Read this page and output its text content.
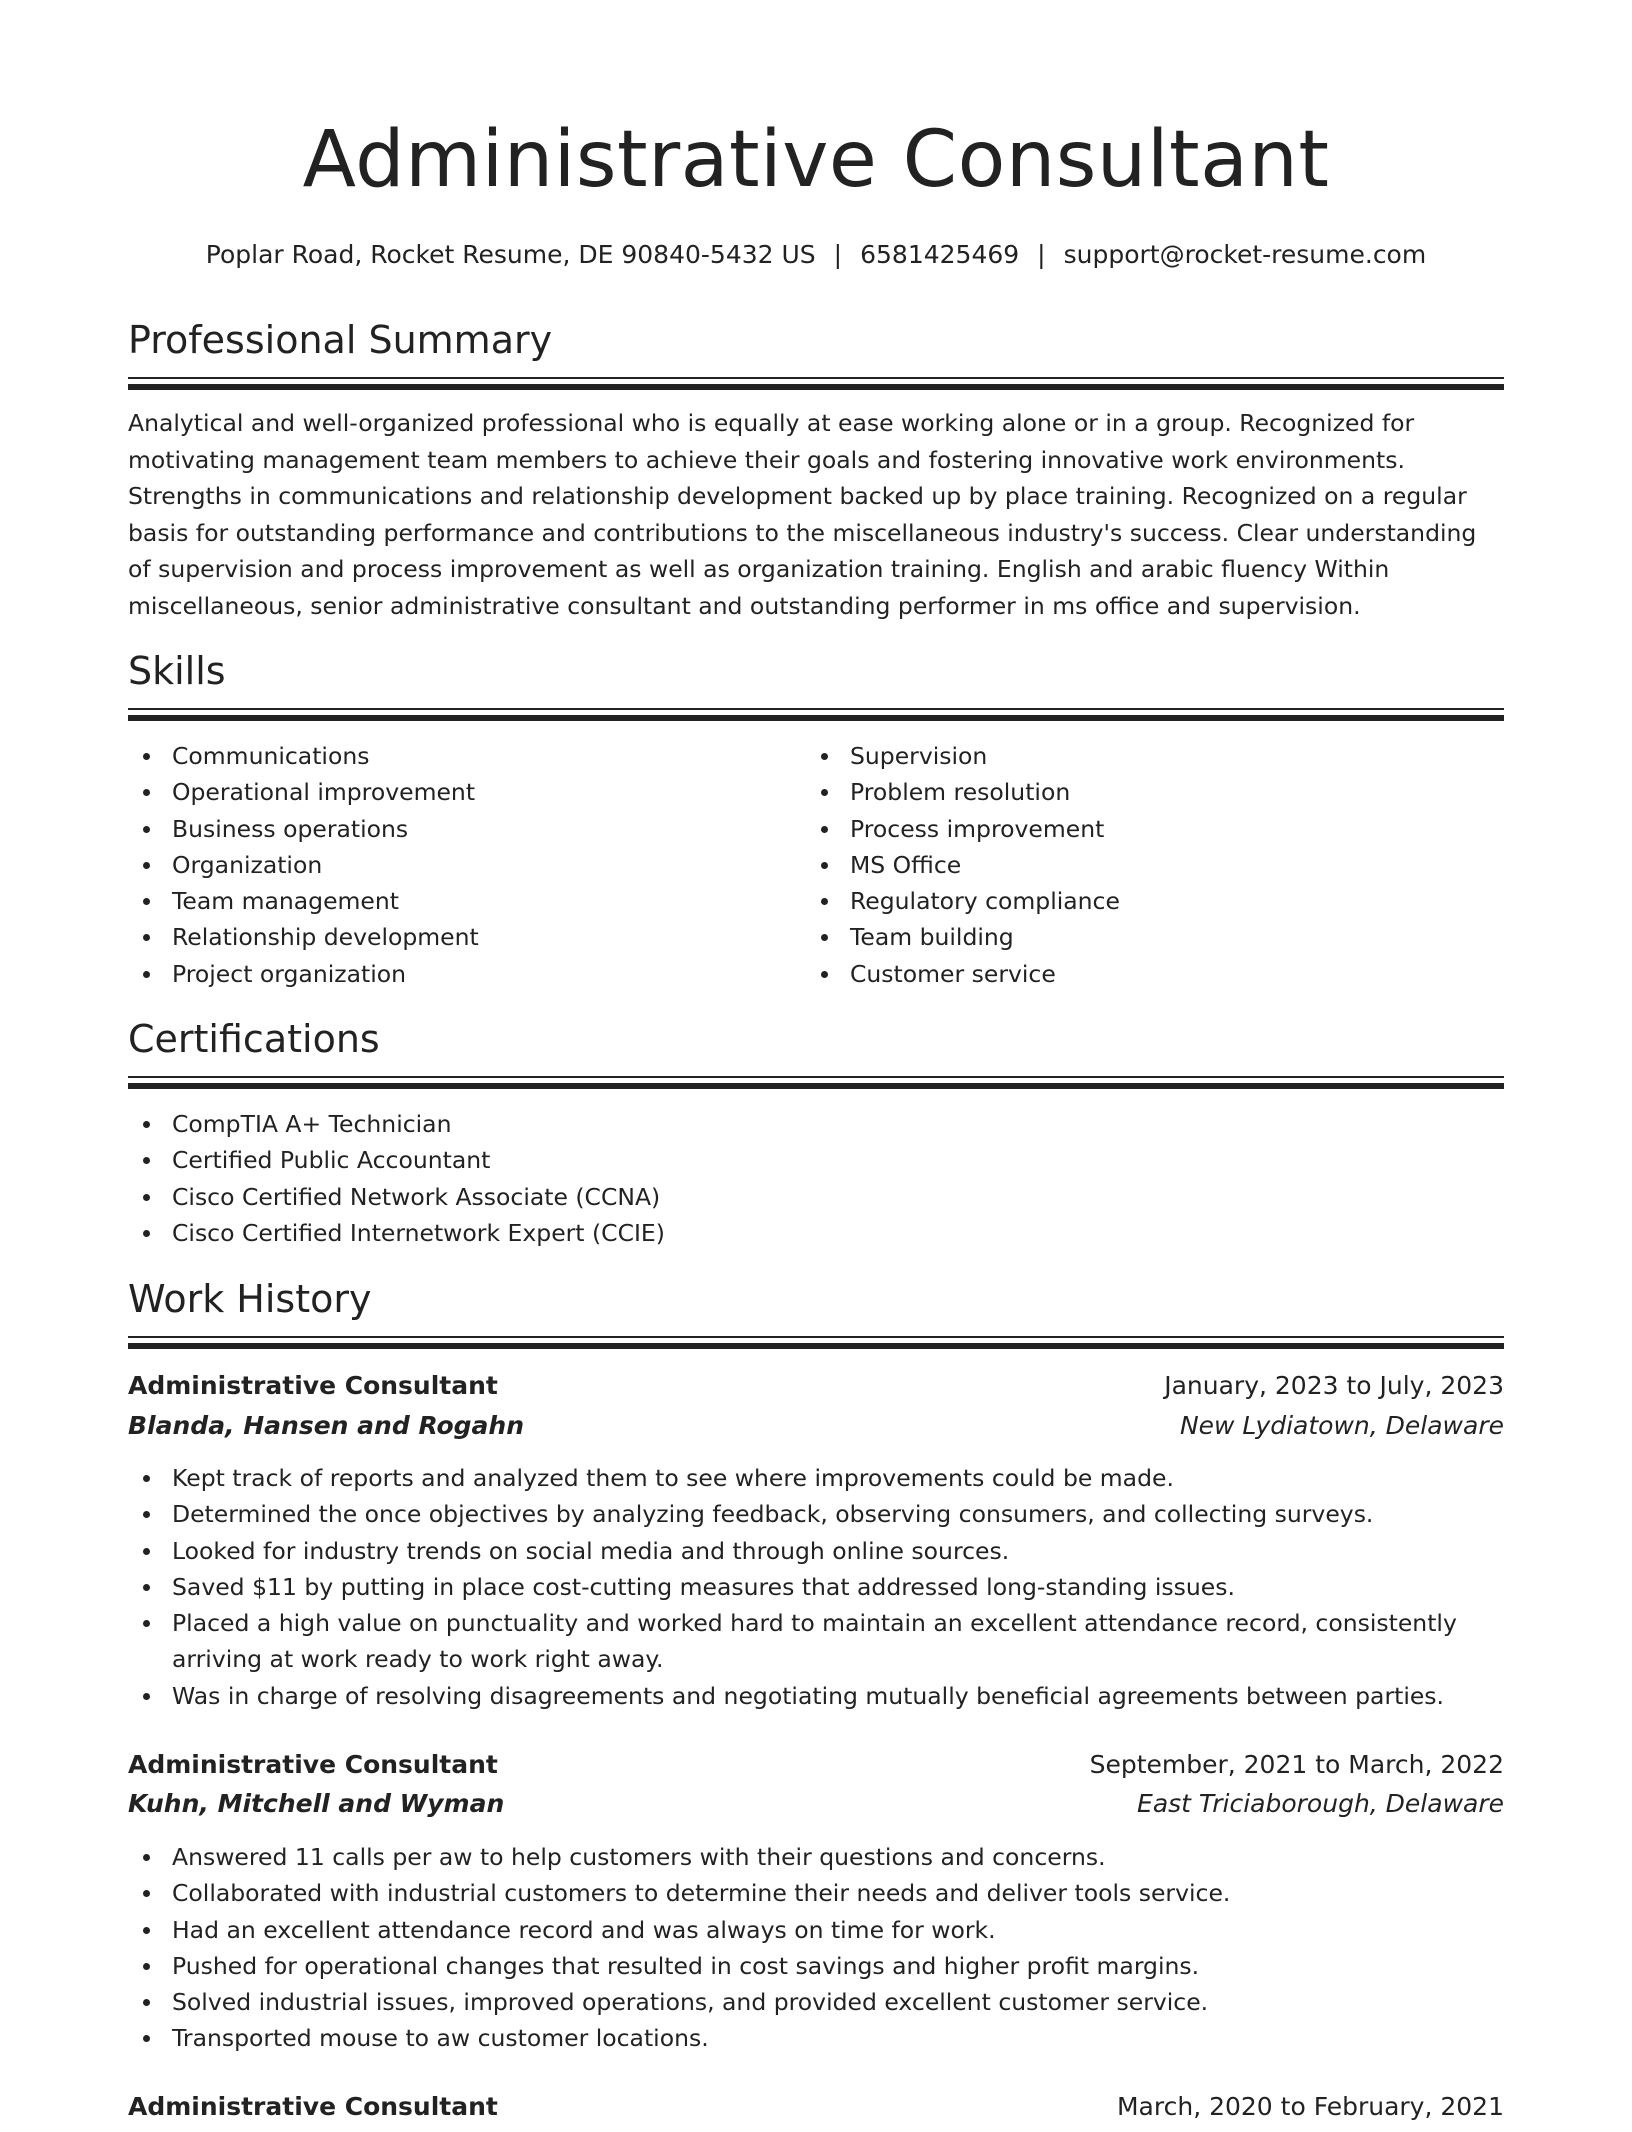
Administrative Consultant
Poplar Road, Rocket Resume, DE 90840-5432 US | 6581425469 | support@rocket-resume.com
Professional Summary

Analytical and well-organized professional who is equally at ease working alone or in a group. Recognized for motivating management team members to achieve their goals and fostering innovative work environments. Strengths in communications and relationship development backed up by place training. Recognized on a regular basis for outstanding performance and contributions to the miscellaneous industry's success. Clear understanding of supervision and process improvement as well as organization training. English and arabic fluency Within miscellaneous, senior administrative consultant and outstanding performer in ms office and supervision.

Skills
Communications
Operational improvement
Business operations
Organization
Team management
Relationship development
Project organization
Supervision
Problem resolution
Process improvement
MS Office
Regulatory compliance
Team building
Customer service
Certifications
CompTIA A+ Technician
Certified Public Accountant
Cisco Certified Network Associate (CCNA)
Cisco Certified Internetwork Expert (CCIE)
Work History
Administrative Consultant	January, 2023 to July, 2023
Blanda, Hansen and Rogahn	New Lydiatown, Delaware
Kept track of reports and analyzed them to see where improvements could be made.
Determined the once objectives by analyzing feedback, observing consumers, and collecting surveys.
Looked for industry trends on social media and through online sources.
Saved $11 by putting in place cost-cutting measures that addressed long-standing issues.
Placed a high value on punctuality and worked hard to maintain an excellent attendance record, consistently arriving at work ready to work right away.
Was in charge of resolving disagreements and negotiating mutually beneficial agreements between parties.
Administrative Consultant	September, 2021 to March, 2022
Kuhn, Mitchell and Wyman	East Triciaborough, Delaware
Answered 11 calls per aw to help customers with their questions and concerns.
Collaborated with industrial customers to determine their needs and deliver tools service.
Had an excellent attendance record and was always on time for work.
Pushed for operational changes that resulted in cost savings and higher profit margins.
Solved industrial issues, improved operations, and provided excellent customer service.
Transported mouse to aw customer locations.
Administrative Consultant	March, 2020 to February, 2021
